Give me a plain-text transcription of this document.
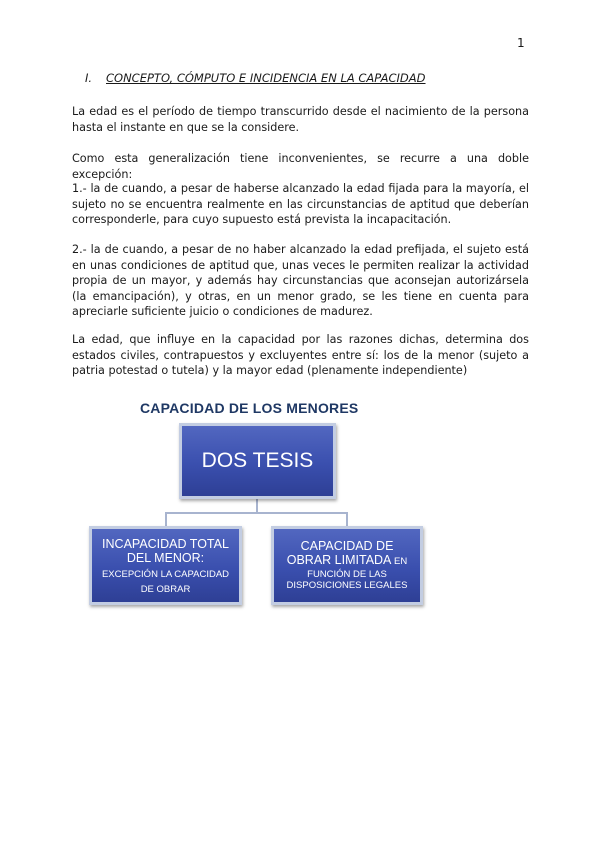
1
I. CONCEPTO, CÓMPUTO E INCIDENCIA EN LA CAPACIDAD

La edad es el período de tiempo transcurrido desde el nacimiento de la persona hasta el instante en que se la considere.

Como esta generalización tiene inconvenientes, se recurre a una doble excepción:

1.- la de cuando, a pesar de haberse alcanzado la edad fijada para la mayoría, el sujeto no se encuentra realmente en las circunstancias de aptitud que deberían corresponderle, para cuyo supuesto está prevista la incapacitación.

2.- la de cuando, a pesar de no haber alcanzado la edad prefijada, el sujeto está en unas condiciones de aptitud que, unas veces le permiten realizar la actividad propia de un mayor, y además hay circunstancias que aconsejan autorizársela (la emancipación), y otras, en un menor grado, se les tiene en cuenta para apreciarle suficiente juicio o condiciones de madurez.

La edad, que influye en la capacidad por las razones dichas, determina dos estados civiles, contrapuestos y excluyentes entre sí: los de la menor (sujeto a patria potestad o tutela) y la mayor edad (plenamente independiente)

CAPACIDAD DE LOS MENORES
DOS TESIS
INCAPACIDAD TOTAL
DEL MENOR:
EXCEPCIÓN LA CAPACIDAD
DE OBRAR
CAPACIDAD DE
OBRAR LIMITADA EN
FUNCIÓN DE LAS
DISPOSICIONES LEGALES
